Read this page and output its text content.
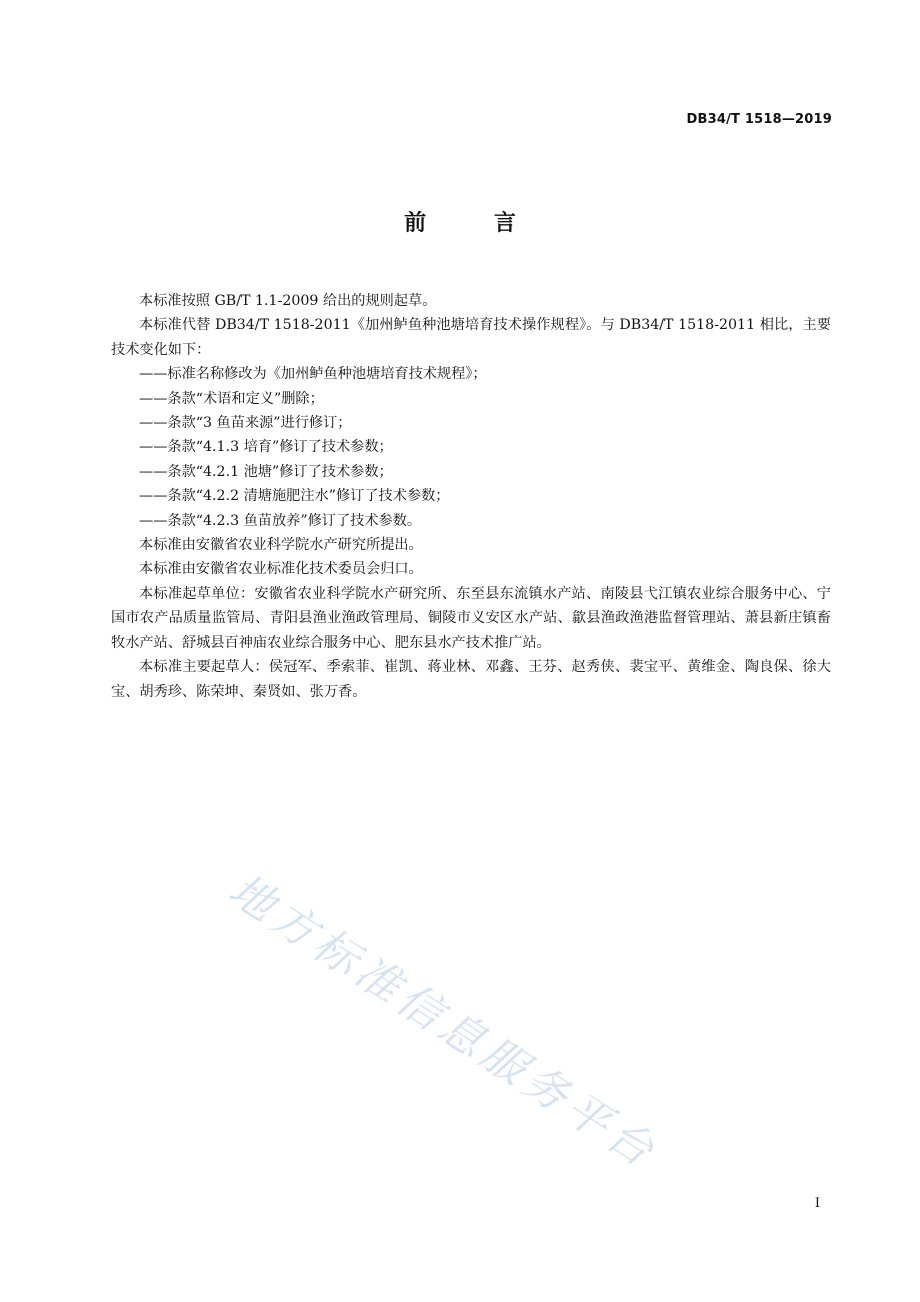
DB34/T 1518—2019
前 言

本标准按照 GB/T 1.1-2009 给出的规则起草。

本标准代替 DB34/T 1518-2011《加州鲈鱼种池塘培育技术操作规程》。与 DB34/T 1518-2011 相比，主要技术变化如下：

——标准名称修改为《加州鲈鱼种池塘培育技术规程》；

——条款“术语和定义”删除；

——条款“3 鱼苗来源”进行修订；

——条款“4.1.3 培育”修订了技术参数；

——条款“4.2.1 池塘”修订了技术参数；

——条款“4.2.2 清塘施肥注水”修订了技术参数；

——条款“4.2.3 鱼苗放养”修订了技术参数。

本标准由安徽省农业科学院水产研究所提出。

本标准由安徽省农业标准化技术委员会归口。

本标准起草单位：安徽省农业科学院水产研究所、东至县东流镇水产站、南陵县弋江镇农业综合服务中心、宁国市农产品质量监管局、青阳县渔业渔政管理局、铜陵市义安区水产站、歙县渔政渔港监督管理站、萧县新庄镇畜牧水产站、舒城县百神庙农业综合服务中心、肥东县水产技术推广站。

本标准主要起草人：侯冠军、季索菲、崔凯、蒋业林、邓鑫、王芬、赵秀侠、裴宝平、黄维金、陶良保、徐大宝、胡秀珍、陈荣坤、秦贤如、张万香。

地方标准信息服务平台
I
